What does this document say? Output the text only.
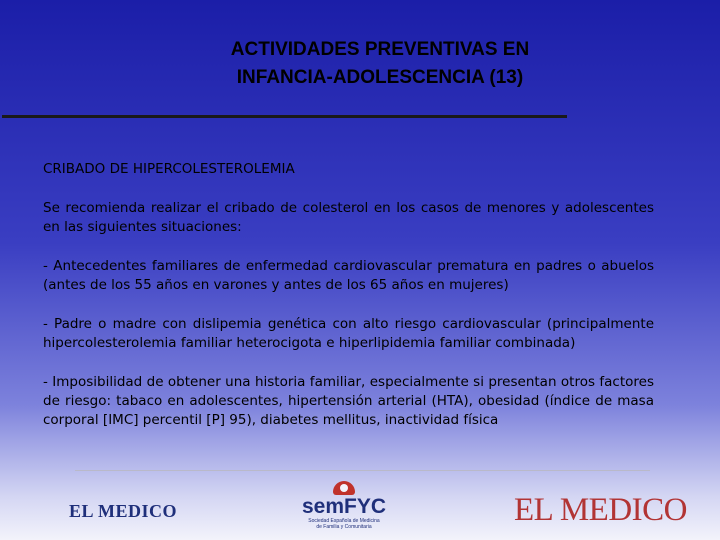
ACTIVIDADES PREVENTIVAS EN
INFANCIA-ADOLESCENCIA (13)

CRIBADO DE HIPERCOLESTEROLEMIA

Se recomienda realizar el cribado de colesterol en los casos de menores y adolescentes en las siguientes situaciones:

- Antecedentes familiares de enfermedad cardiovascular prematura en padres o abuelos (antes de los 55 años en varones y antes de los 65 años en mujeres)

- Padre o madre con dislipemia genética con alto riesgo cardiovascular (principalmente hipercolesterolemia familiar heterocigota e hiperlipidemia familiar combinada)

- Imposibilidad de obtener una historia familiar, especialmente si presentan otros factores de riesgo: tabaco en adolescentes, hipertensión arterial (HTA), obesidad (índice de masa corporal [IMC] percentil [P] 95), diabetes mellitus, inactividad física

EL MEDICO	semFYC
Sociedad Española de Medicina
de Familia y Comunitaria	EL MEDICO
